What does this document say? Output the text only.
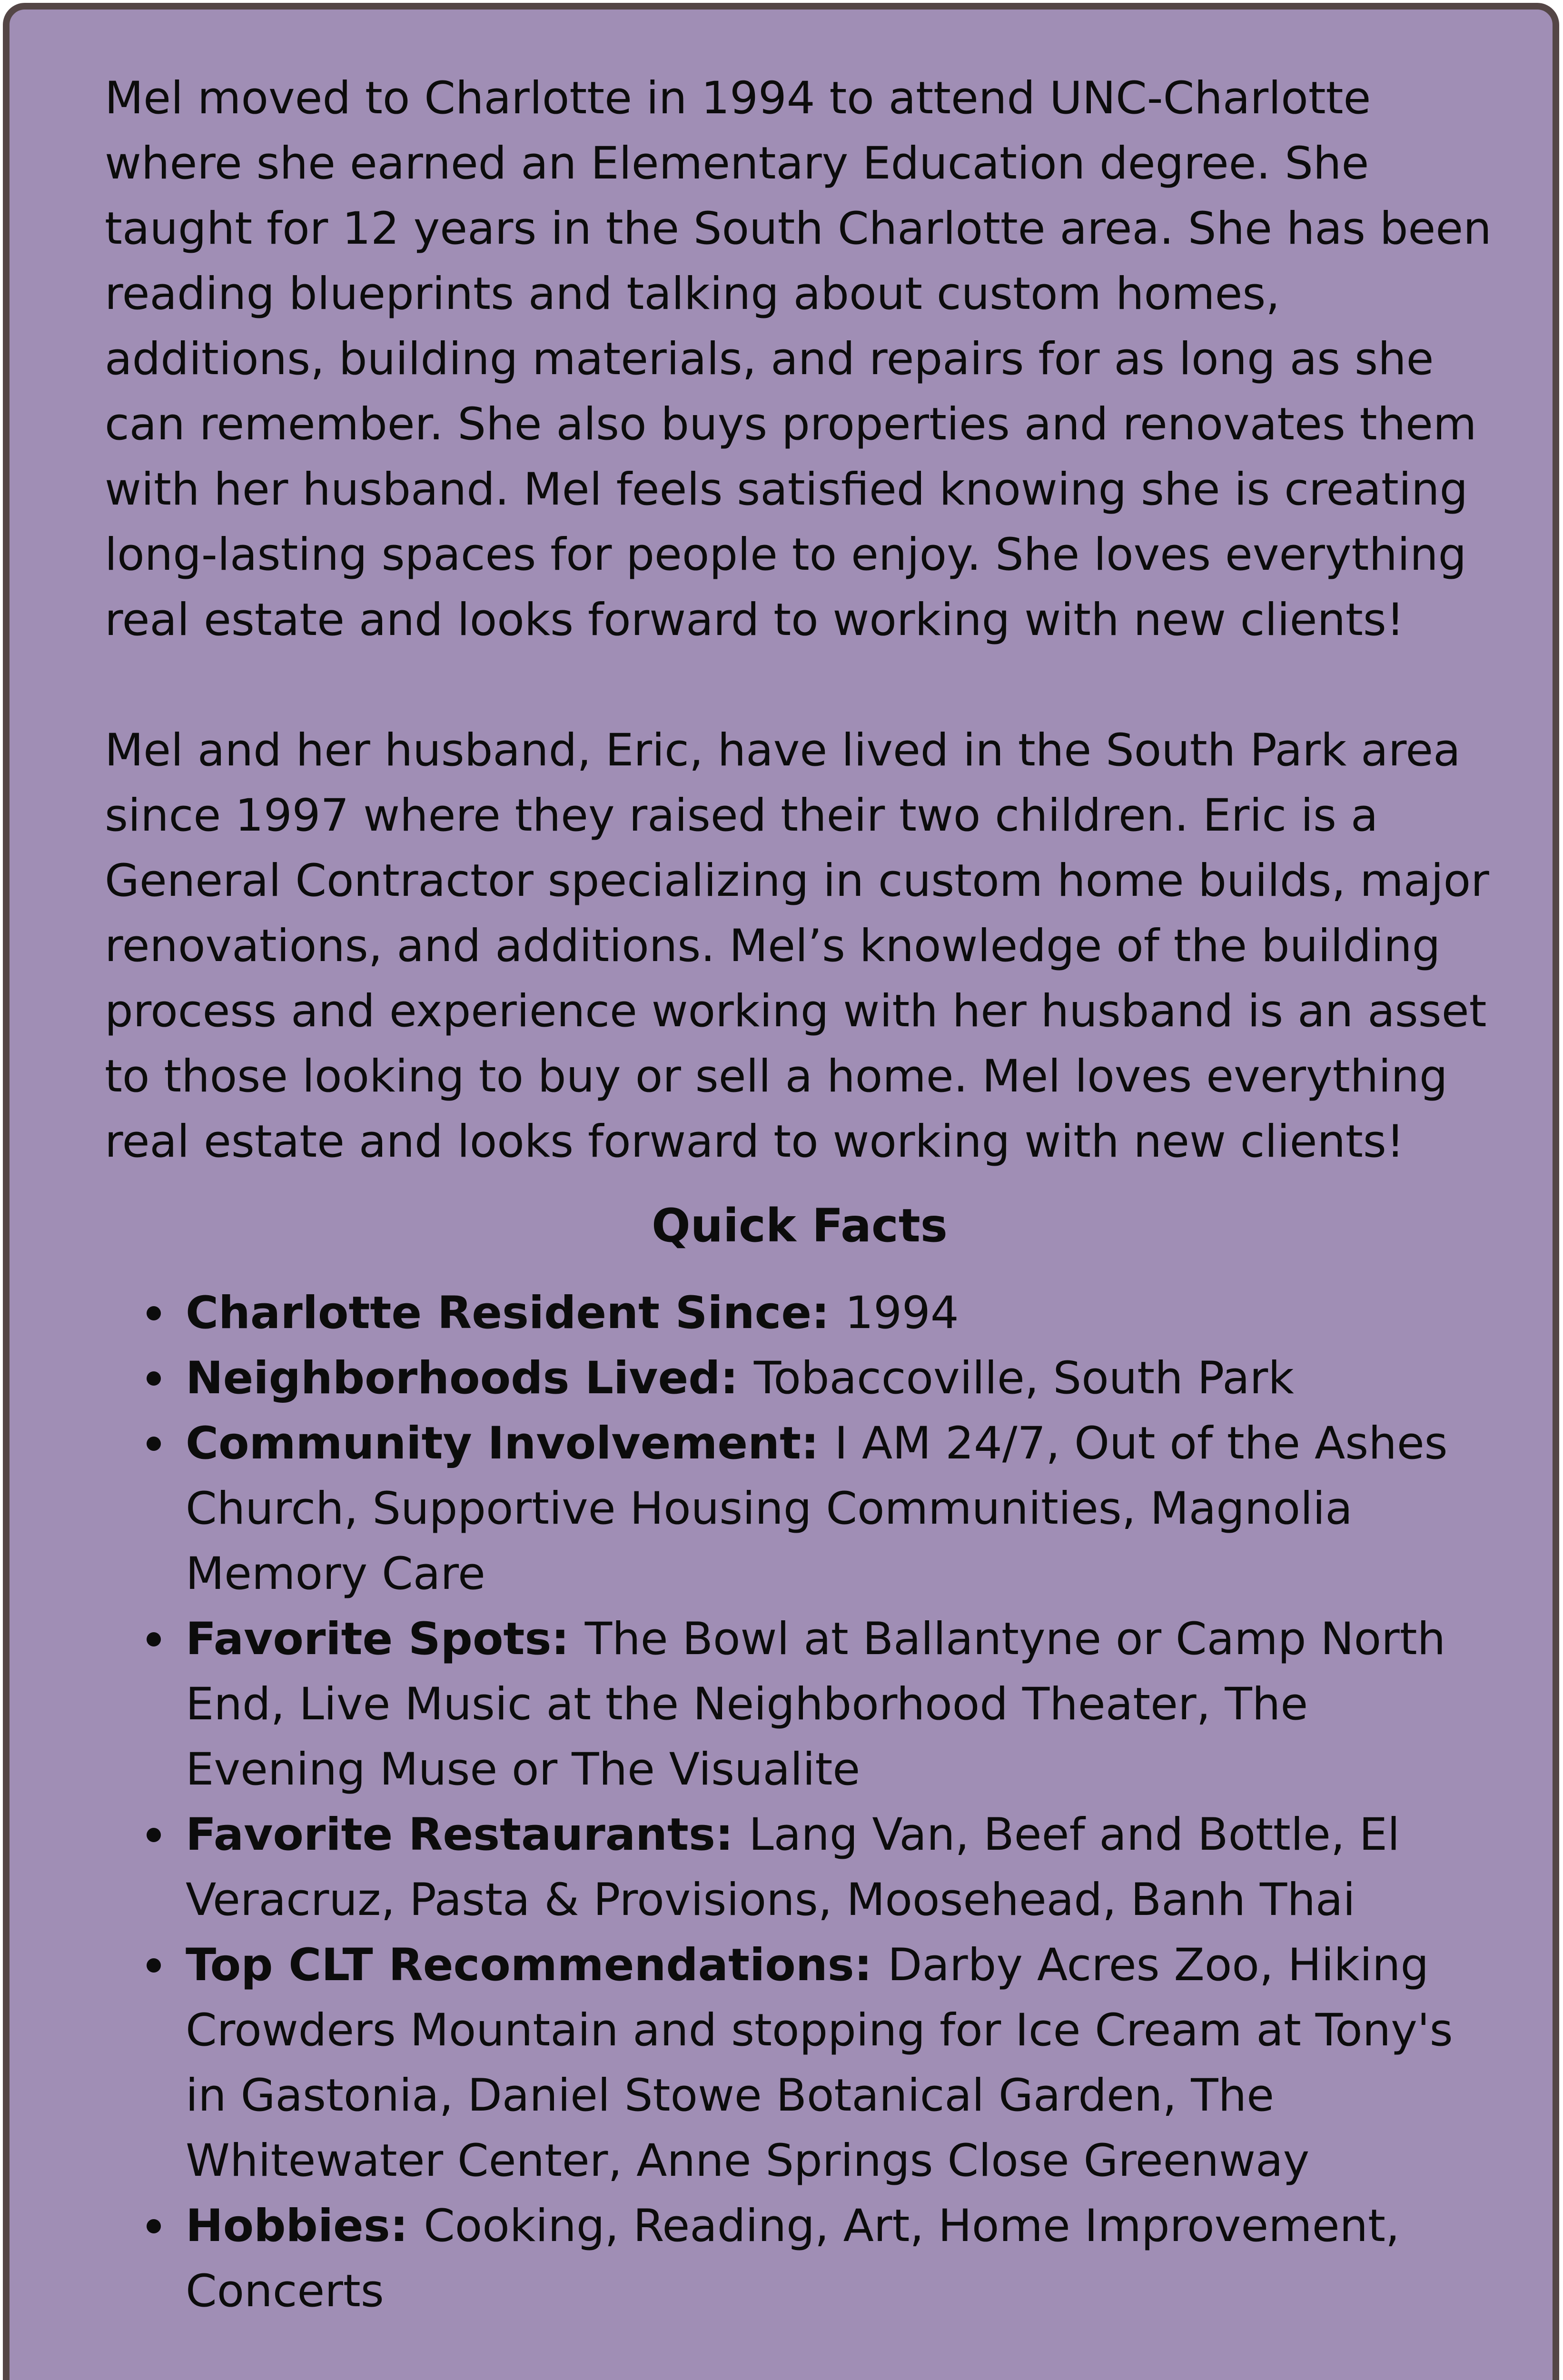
Mel moved to Charlotte in 1994 to attend UNC-Charlotte where she earned an Elementary Education degree. She taught for 12 years in the South Charlotte area. She has been reading blueprints and talking about custom homes, additions, building materials, and repairs for as long as she can remember. She also buys properties and renovates them with her husband. Mel feels satisfied knowing she is creating long-lasting spaces for people to enjoy. She loves everything real estate and looks forward to working with new clients!

Mel and her husband, Eric, have lived in the South Park area since 1997 where they raised their two children. Eric is a General Contractor specializing in custom home builds, major renovations, and additions. Mel’s knowledge of the building process and experience working with her husband is an asset to those looking to buy or sell a home. Mel loves everything real estate and looks forward to working with new clients!

Quick Facts
Charlotte Resident Since: 1994
Neighborhoods Lived: Tobaccoville, South Park
Community Involvement: I AM 24/7, Out of the Ashes Church, Supportive Housing Communities, Magnolia Memory Care
Favorite Spots: The Bowl at Ballantyne or Camp North End, Live Music at the Neighborhood Theater, The Evening Muse or The Visualite
Favorite Restaurants: Lang Van, Beef and Bottle, El Veracruz, Pasta & Provisions, Moosehead, Banh Thai
Top CLT Recommendations: Darby Acres Zoo, Hiking Crowders Mountain and stopping for Ice Cream at Tony's in Gastonia, Daniel Stowe Botanical Garden, The Whitewater Center, Anne Springs Close Greenway
Hobbies: Cooking, Reading, Art, Home Improvement, Concerts
